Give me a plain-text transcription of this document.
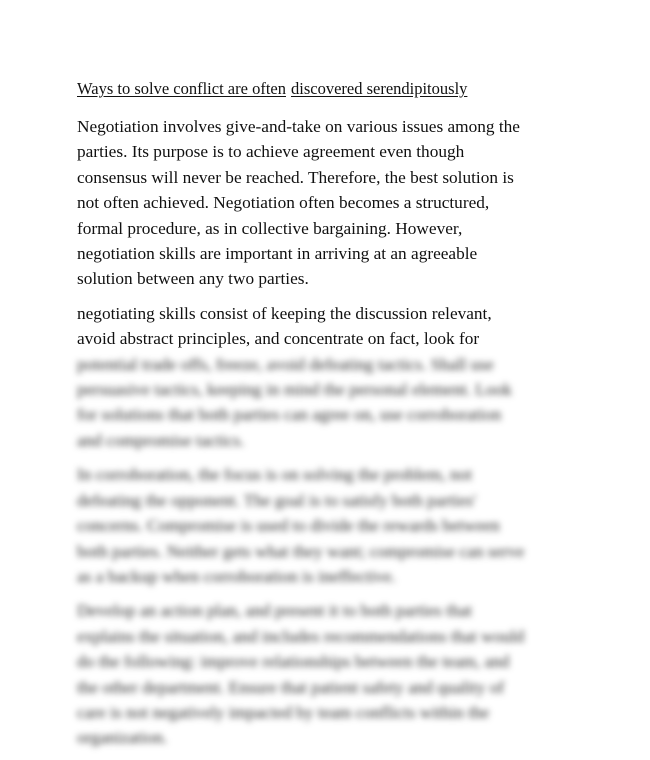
Ways to solve conflict are often discovered serendipitously
Negotiation involves give-and-take on various issues among the
parties. Its purpose is to achieve agreement even though
consensus will never be reached. Therefore, the best solution is
not often achieved. Negotiation often becomes a structured,
formal procedure, as in collective bargaining. However,
negotiation skills are important in arriving at an agreeable
solution between any two parties.
negotiating skills consist of keeping the discussion relevant,
avoid abstract principles, and concentrate on fact, look for
potential trade offs, freeze, avoid defeating tactics. Shall use
persuasive tactics, keeping in mind the personal element. Look
for solutions that both parties can agree on, use corroboration
and compromise tactics.
In corroboration, the focus is on solving the problem, not
defeating the opponent. The goal is to satisfy both parties'
concerns. Compromise is used to divide the rewards between
both parties. Neither gets what they want; compromise can serve
as a backup when corroboration is ineffective.
Develop an action plan, and present it to both parties that
explains the situation, and includes recommendations that would
do the following: improve relationships between the team, and
the other department. Ensure that patient safety and quality of
care is not negatively impacted by team conflicts within the
organization.
